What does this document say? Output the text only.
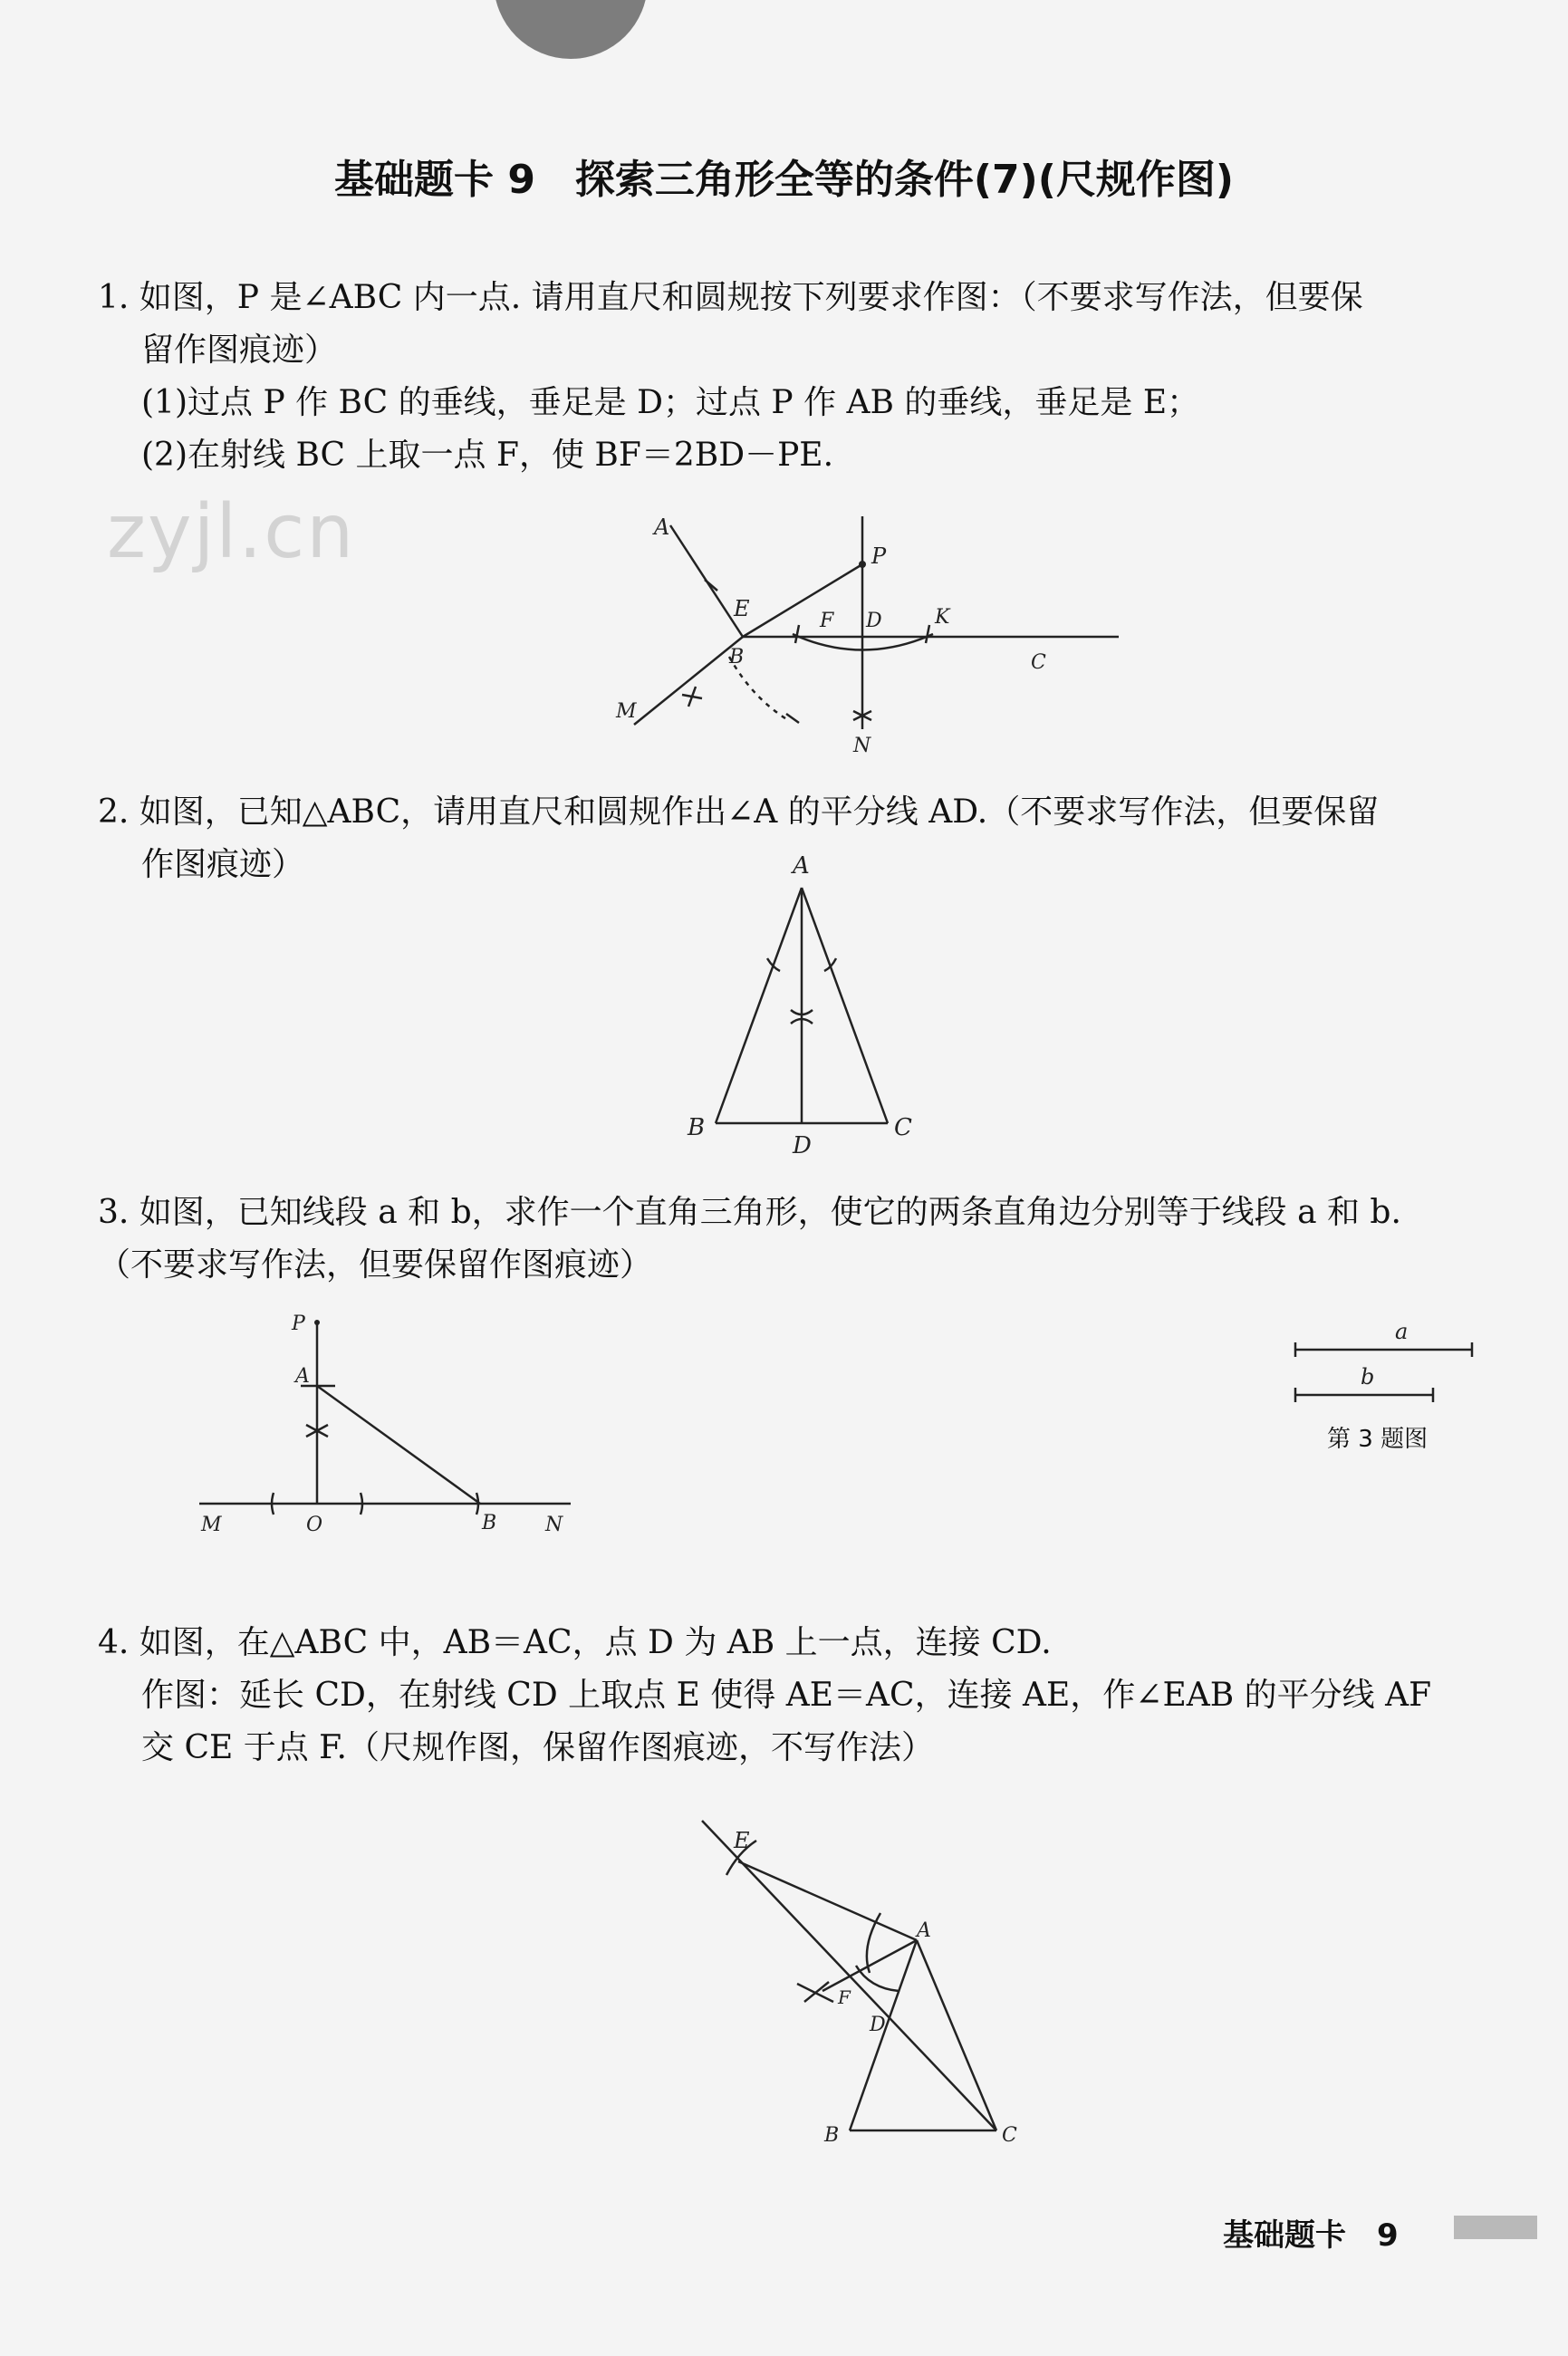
zyjl.cn
基础题卡 9　探索三角形全等的条件(7)(尺规作图)

1. 如图，P 是∠ABC 内一点. 请用直尺和圆规按下列要求作图：（不要求写作法，但要保

留作图痕迹）

(1)过点 P 作 BC 的垂线，垂足是 D；过点 P 作 AB 的垂线，垂足是 E；

(2)在射线 BC 上取一点 F，使 BF＝2BD－PE.

A
P
E	F D	K
B	C
M
N

2. 如图，已知△ABC，请用直尺和圆规作出∠A 的平分线 AD.（不要求写作法，但要保留

作图痕迹）	A
B	C
D

3. 如图，已知线段 a 和 b，求作一个直角三角形，使它的两条直角边分别等于线段 a 和 b.

（不要求写作法，但要保留作图痕迹）

P
A
M	O	B N
a
b
第 3 题图

4. 如图，在△ABC 中，AB＝AC，点 D 为 AB 上一点，连接 CD.

作图：延长 CD，在射线 CD 上取点 E 使得 AE＝AC，连接 AE，作∠EAB 的平分线 AF

交 CE 于点 F.（尺规作图，保留作图痕迹，不写作法）

E
A
F
D
B	C
基础题卡 9
